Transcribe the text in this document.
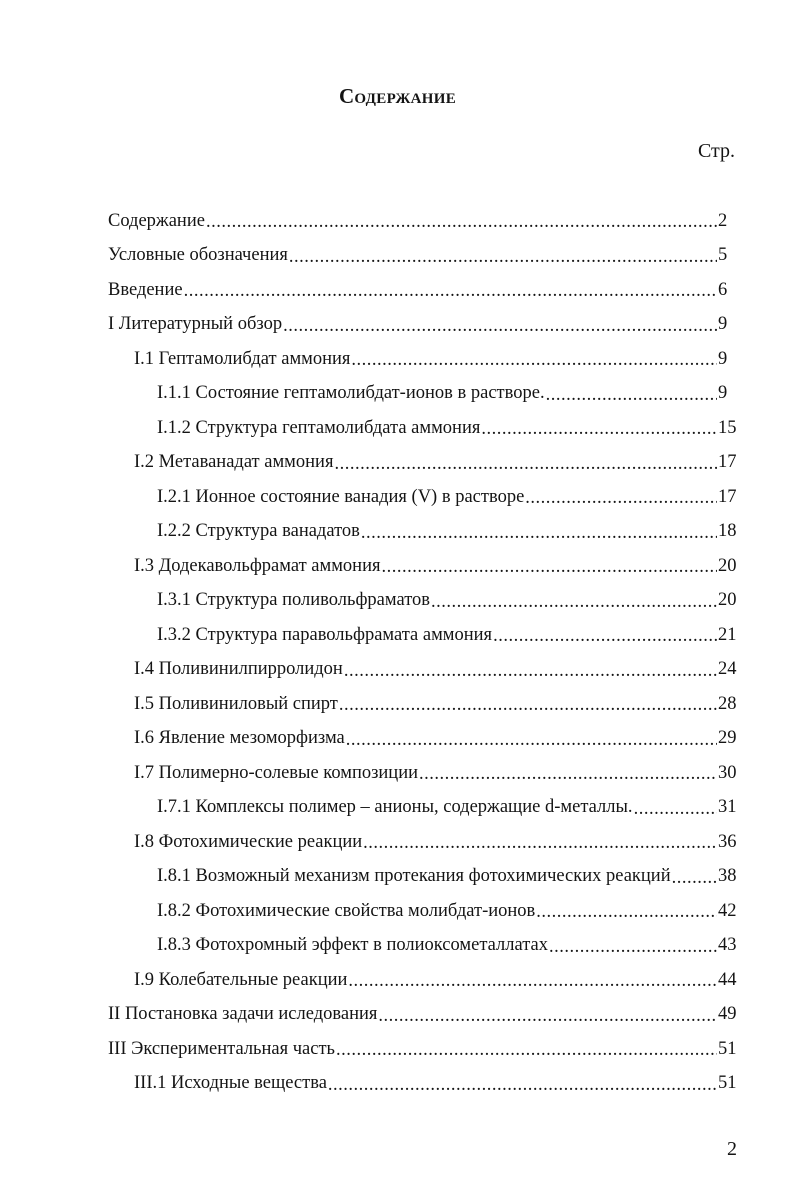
Содержание
Стр.
Содержание .....	2
Условные обозначения .....	5
Введение .....	6
I Литературный обзор .....	9
I.1 Гептамолибдат аммония .....	9
I.1.1 Состояние гептамолибдат-ионов в растворе. .....	9
I.1.2 Структура гептамолибдата аммония .....	15
I.2 Метаванадат аммония .....	17
I.2.1 Ионное состояние ванадия (V) в растворе .....	17
I.2.2 Структура ванадатов .....	18
I.3 Додекавольфрамат аммония .....	20
I.3.1 Структура поливольфраматов .....	20
I.3.2 Структура паравольфрамата аммония .....	21
I.4 Поливинилпирролидон .....	24
I.5 Поливиниловый спирт .....	28
I.6 Явление мезоморфизма .....	29
I.7 Полимерно-солевые композиции .....	30
I.7.1 Комплексы полимер – анионы, содержащие d-металлы. .....	31
I.8 Фотохимические реакции .....	36
I.8.1 Возможный механизм протекания фотохимических реакций .....	38
I.8.2 Фотохимические свойства молибдат-ионов .....	42
I.8.3 Фотохромный эффект в полиоксометаллатах .....	43
I.9 Колебательные реакции .....	44
II Постановка задачи иследования .....	49
III Экспериментальная часть .....	51
III.1 Исходные вещества .....	51
2
